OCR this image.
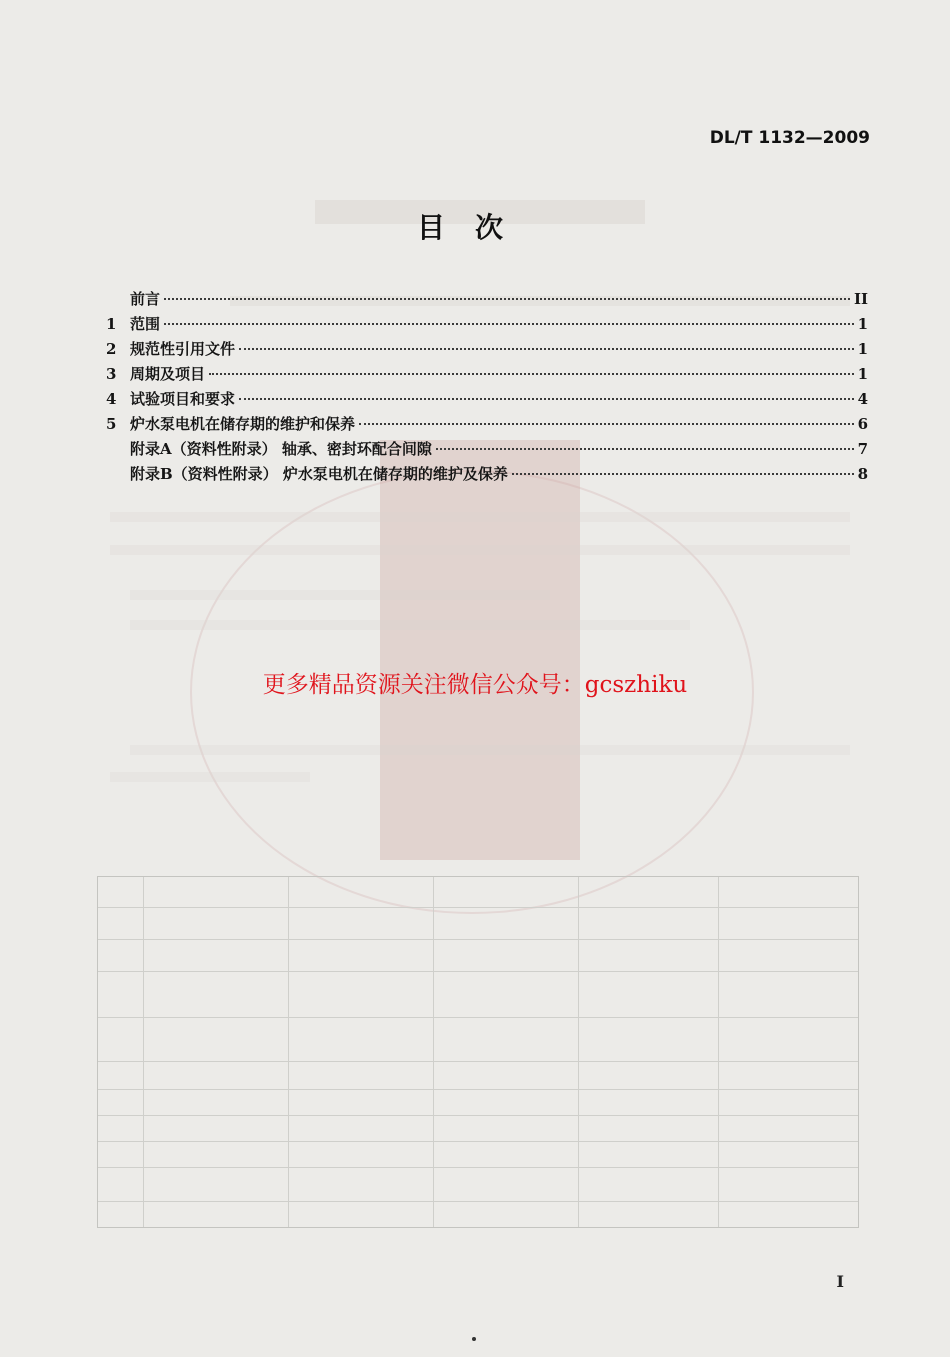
DL/T 1132—2009
目次
前言	II
1 范围	1
2 规范性引用文件	1
3 周期及项目	1
4 试验项目和要求	4
5 炉水泵电机在储存期的维护和保养	6
附录A（资料性附录） 轴承、密封环配合间隙	7
附录B（资料性附录） 炉水泵电机在储存期的维护及保养	8
更多精品资源关注微信公众号：gcszhiku
I
